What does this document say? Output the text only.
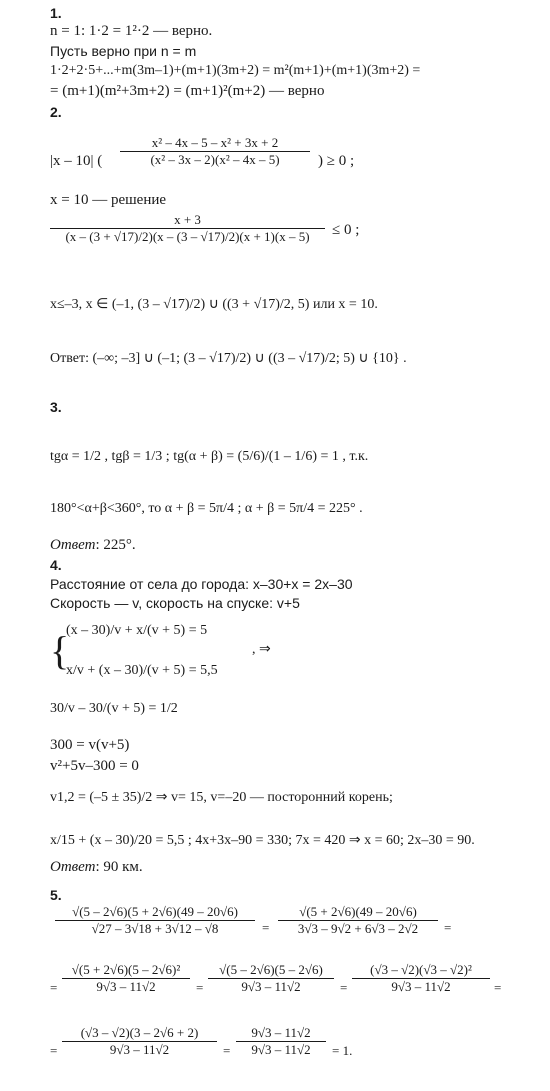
1.
n = 1: 1·2 = 1²·2 — верно.
Пусть верно при n = m
1·2+2·5+...+m(3m–1)+(m+1)(3m+2) = m²(m+1)+(m+1)(3m+2) =
= (m+1)(m²+3m+2) = (m+1)²(m+2) — верно
2.
|x – 10| ( $\frac{\text{x² – 4x – 5 – x² + 3x + 2}}{\text{(x² – 3x – 2)(x² – 4x – 5)}}$ ) ≥ 0 ;
x = 10 — решение
$\frac{x + 3}{(x - (3 + √17)/2)(x - (3 - √17)/2)(x + 1)(x - 5)} \le 0$ ;
x≤–3, x ∈ (–1, (3 – √17)/2) ∪ ((3 + √17)/2, 5) или x = 10.
Ответ: (–∞; –3] ∪ (–1; (3 – √17)/2) ∪ ((3 – √17)/2; 5) ∪ {10} .
3.
tgα = 1/2 , tgβ = 1/3 ; tg(α + β) = (5/6)/(1 – 1/6) = 1 , т.к.
180°<α+β<360°, то α + β = 5π/4 ; α + β = 5π/4 = 225° .
Ответ: 225°.
4.
Расстояние от села до города: x–30+x = 2x–30
Скорость — v, скорость на спуске: v+5
{
(x – 30)/v + x/(v + 5) = 5
x/v + (x – 30)/(v + 5) = 5,5
, ⇒
30/v – 30/(v + 5) = 1/2
300 = v(v+5)
v²+5v–300 = 0
v1,2 = (–5 ± 35)/2 ⇒ v= 15, v=–20 — посторонний корень;
x/15 + (x – 30)/20 = 5,5 ; 4x+3x–90 = 330; 7x = 420 ⇒ x = 60; 2x–30 = 90.
Ответ: 90 км.
5.
$\frac{√(5 - 2√6)(5 + 2√6)(49 - 20√6)}{√27 - 3√18 + 3√12 - √8} = \frac{√(5 + 2√6)(49 - 20√6)}{3√3 - 9√2 + 6√3 - 2√2}$ =
= $\frac{\text{√(5 + 2√6)(5 – 2√6)²}}{9√3 - 11√2} = \frac{√(5 - 2√6)(5 - 2√6)}{9√3 - 11√2} = \frac{\text{(√3 – √2)(√3 – √2)²}}{9√3 - 11√2}$ =
= $\frac{(√3 - √2)(3 - 2√6 + 2)}{9√3 - 11√2} = \frac{9√3 - 11√2}{9√3 - 11√2} = 1$.
